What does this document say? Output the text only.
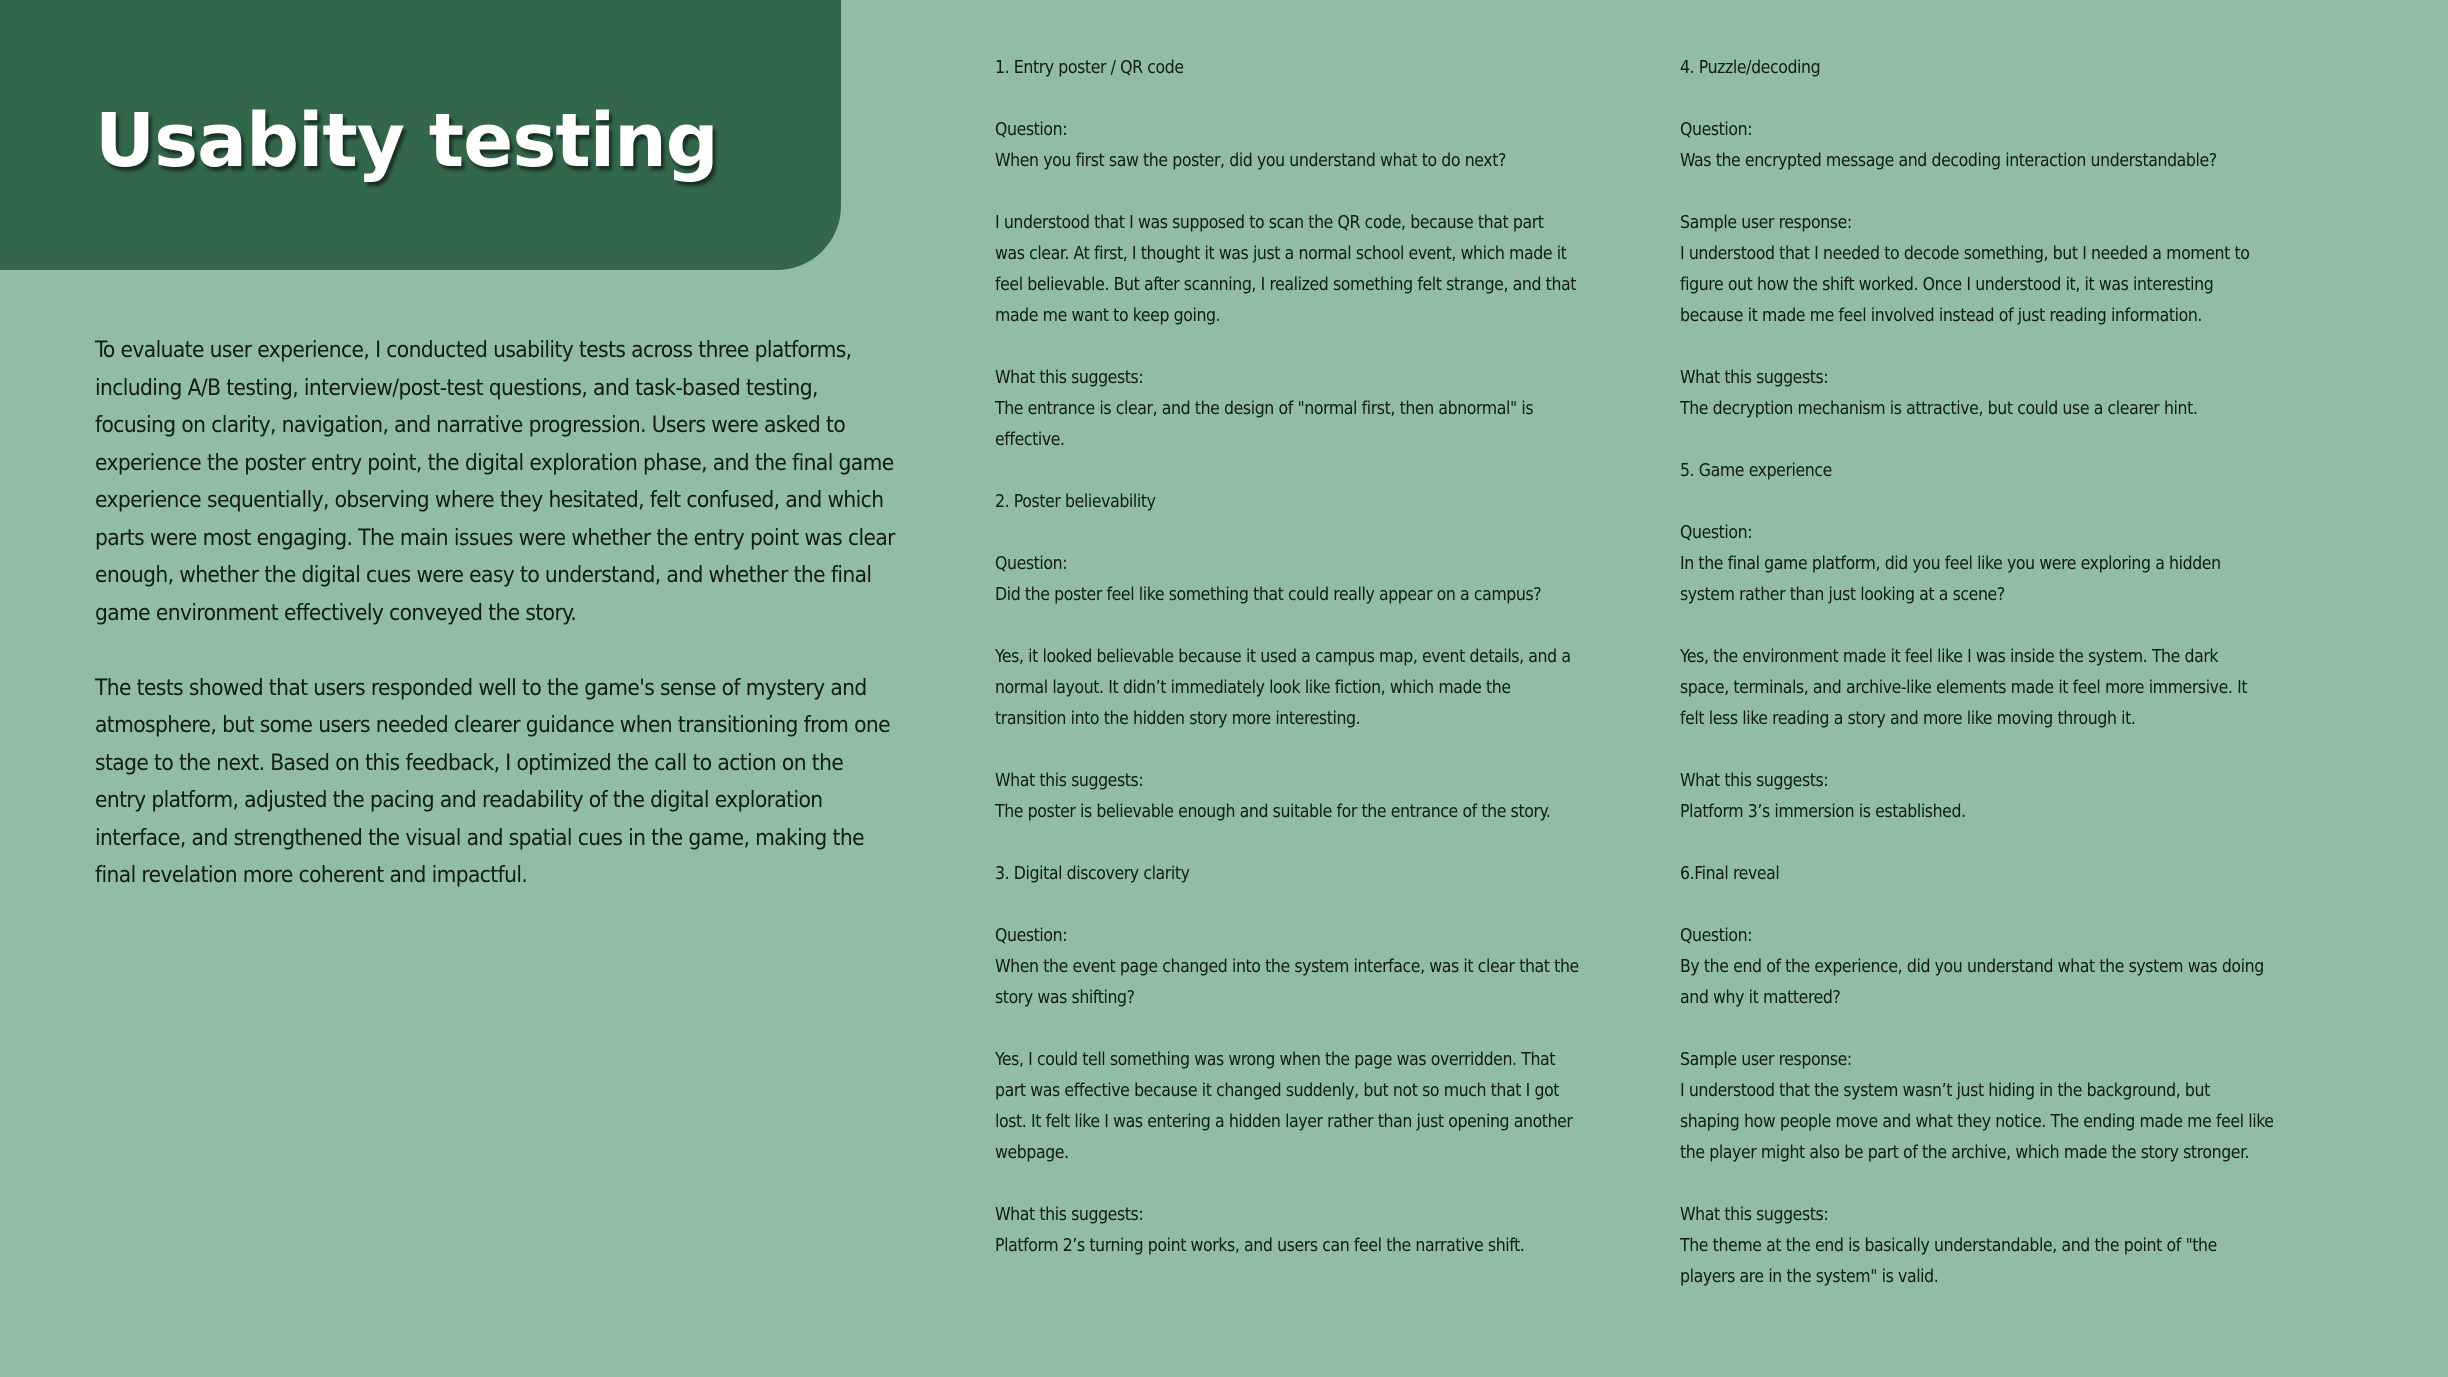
Usabity testing

To evaluate user experience, I conducted usability tests across three platforms,
including A/B testing, interview/post-test questions, and task-based testing,
focusing on clarity, navigation, and narrative progression. Users were asked to
experience the poster entry point, the digital exploration phase, and the final game
experience sequentially, observing where they hesitated, felt confused, and which
parts were most engaging. The main issues were whether the entry point was clear
enough, whether the digital cues were easy to understand, and whether the final
game environment effectively conveyed the story.

The tests showed that users responded well to the game's sense of mystery and
atmosphere, but some users needed clearer guidance when transitioning from one
stage to the next. Based on this feedback, I optimized the call to action on the
entry platform, adjusted the pacing and readability of the digital exploration
interface, and strengthened the visual and spatial cues in the game, making the
final revelation more coherent and impactful.

1. Entry poster / QR code
Question:
When you first saw the poster, did you understand what to do next?
I understood that I was supposed to scan the QR code, because that part
was clear. At first, I thought it was just a normal school event, which made it
feel believable. But after scanning, I realized something felt strange, and that
made me want to keep going.
What this suggests:
The entrance is clear, and the design of "normal first, then abnormal" is
effective.
2. Poster believability
Question:
Did the poster feel like something that could really appear on a campus?
Yes, it looked believable because it used a campus map, event details, and a
normal layout. It didn’t immediately look like fiction, which made the
transition into the hidden story more interesting.
What this suggests:
The poster is believable enough and suitable for the entrance of the story.
3. Digital discovery clarity
Question:
When the event page changed into the system interface, was it clear that the
story was shifting?
Yes, I could tell something was wrong when the page was overridden. That
part was effective because it changed suddenly, but not so much that I got
lost. It felt like I was entering a hidden layer rather than just opening another
webpage.
What this suggests:
Platform 2’s turning point works, and users can feel the narrative shift.
4. Puzzle/decoding
Question:
Was the encrypted message and decoding interaction understandable?
Sample user response:
I understood that I needed to decode something, but I needed a moment to
figure out how the shift worked. Once I understood it, it was interesting
because it made me feel involved instead of just reading information.
What this suggests:
The decryption mechanism is attractive, but could use a clearer hint.
5. Game experience
Question:
In the final game platform, did you feel like you were exploring a hidden
system rather than just looking at a scene?
Yes, the environment made it feel like I was inside the system. The dark
space, terminals, and archive-like elements made it feel more immersive. It
felt less like reading a story and more like moving through it.
What this suggests:
Platform 3’s immersion is established.
6.Final reveal
Question:
By the end of the experience, did you understand what the system was doing
and why it mattered?
Sample user response:
I understood that the system wasn’t just hiding in the background, but
shaping how people move and what they notice. The ending made me feel like
the player might also be part of the archive, which made the story stronger.
What this suggests:
The theme at the end is basically understandable, and the point of "the
players are in the system" is valid.
